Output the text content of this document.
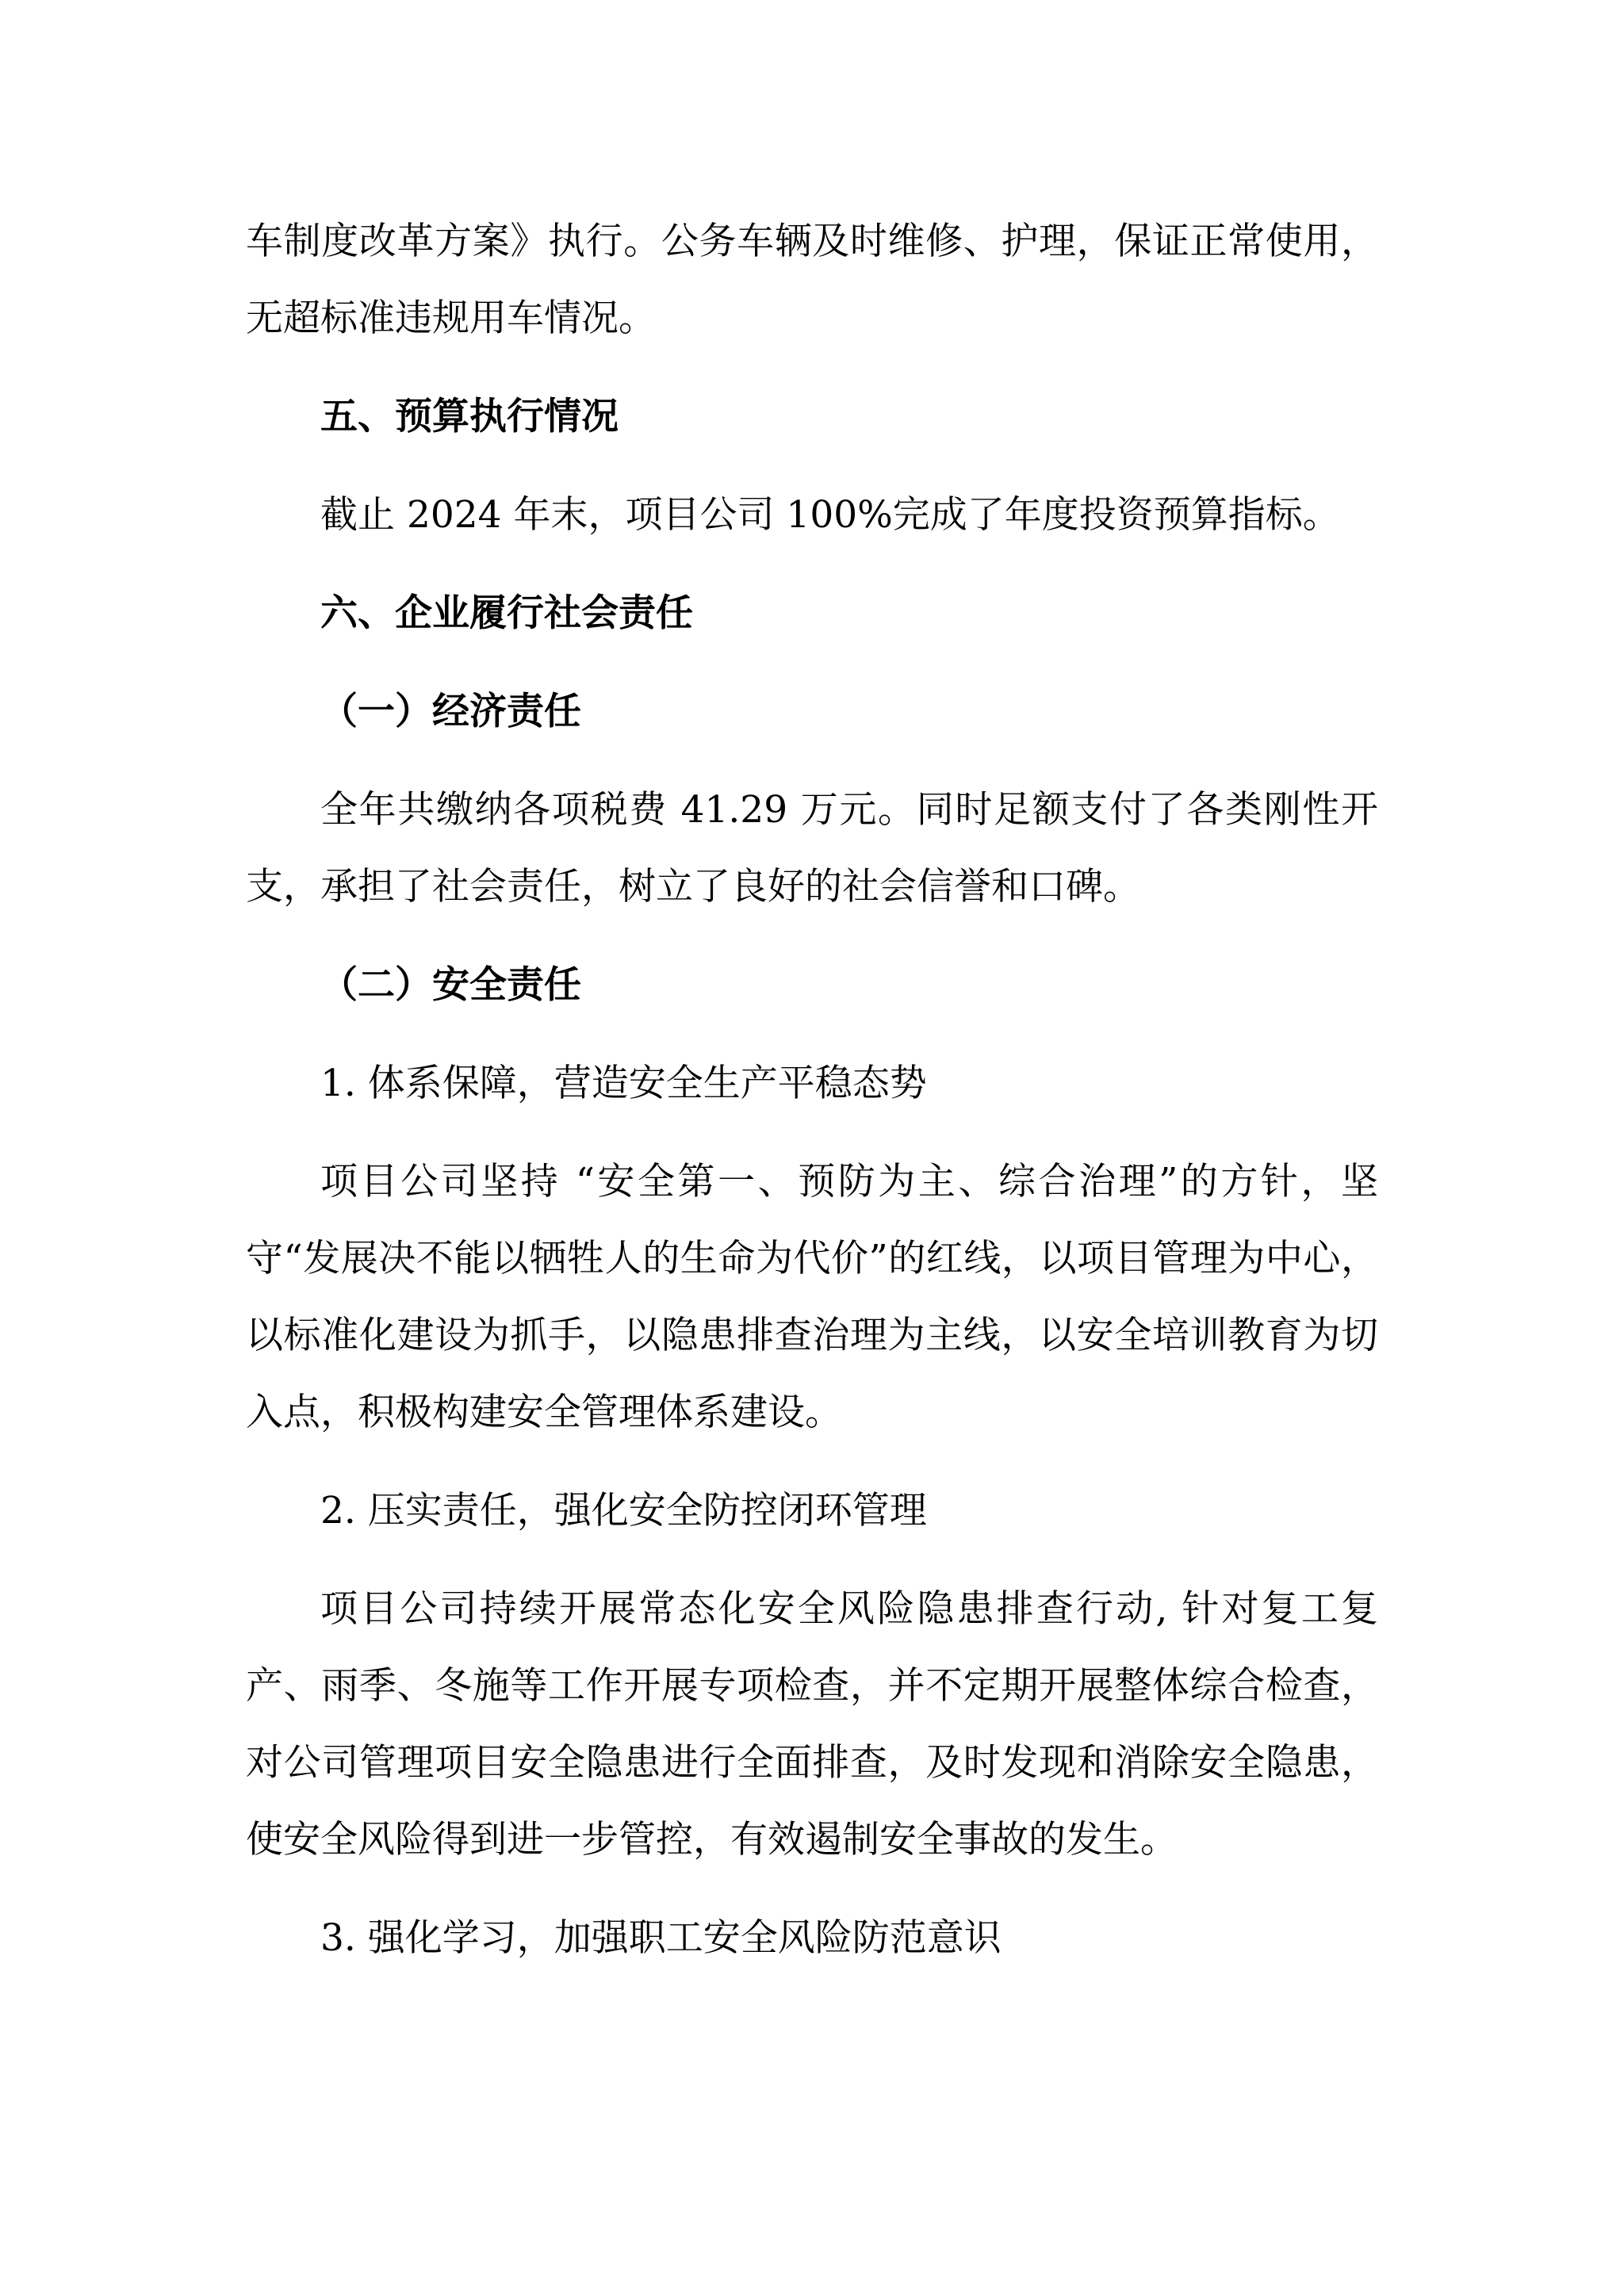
车制度改革方案》执行。公务车辆及时维修、护理，保证正常使用，无超标准违规用车情况。

五、预算执行情况

截止 2024 年末，项目公司 100%完成了年度投资预算指标。

六、企业履行社会责任

（一）经济责任

全年共缴纳各项税费 41.29 万元。同时足额支付了各类刚性开支，承担了社会责任，树立了良好的社会信誉和口碑。

（二）安全责任

1. 体系保障，营造安全生产平稳态势

项目公司坚持 “安全第一、预防为主、综合治理”的方针，坚守“发展决不能以牺牲人的生命为代价”的红线，以项目管理为中心，以标准化建设为抓手，以隐患排查治理为主线，以安全培训教育为切入点，积极构建安全管理体系建设。

2. 压实责任，强化安全防控闭环管理

项目公司持续开展常态化安全风险隐患排查行动, 针对复工复产、雨季、冬施等工作开展专项检查，并不定期开展整体综合检查，对公司管理项目安全隐患进行全面排查，及时发现和消除安全隐患，使安全风险得到进一步管控，有效遏制安全事故的发生。

3. 强化学习，加强职工安全风险防范意识
